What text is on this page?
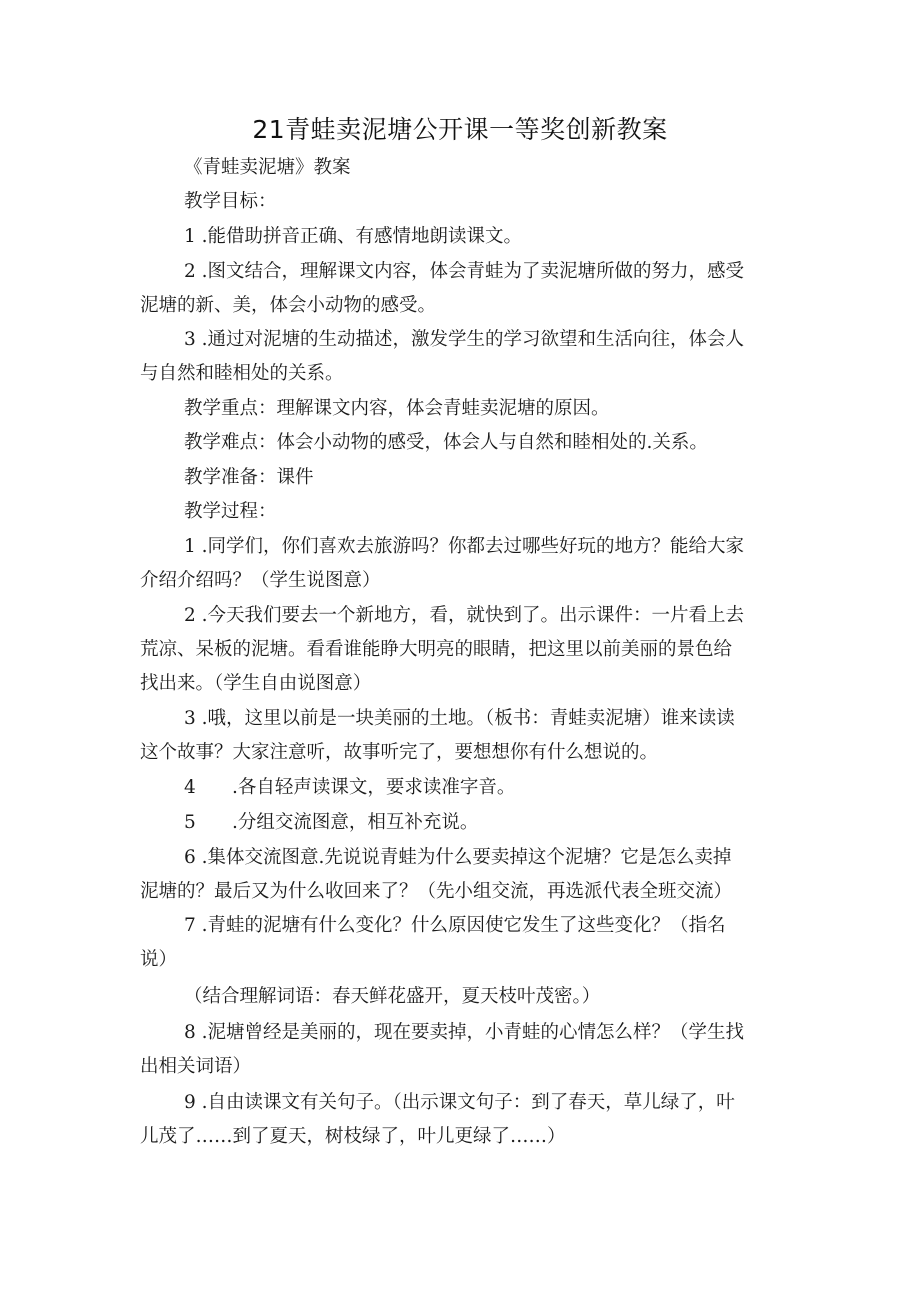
21青蛙卖泥塘公开课一等奖创新教案
《青蛙卖泥塘》教案
教学目标：
1 .能借助拼音正确、有感情地朗读课文。
2 .图文结合，理解课文内容，体会青蛙为了卖泥塘所做的努力，感受
泥塘的新、美，体会小动物的感受。
3 .通过对泥塘的生动描述，激发学生的学习欲望和生活向往，体会人
与自然和睦相处的关系。
教学重点：理解课文内容，体会青蛙卖泥塘的原因。
教学难点：体会小动物的感受，体会人与自然和睦相处的.关系。
教学准备：课件
教学过程：
1 .同学们，你们喜欢去旅游吗？你都去过哪些好玩的地方？能给大家
介绍介绍吗？（学生说图意）
2 .今天我们要去一个新地方，看，就快到了。出示课件：一片看上去
荒凉、呆板的泥塘。看看谁能睁大明亮的眼睛，把这里以前美丽的景色给
找出来。（学生自由说图意）
3 .哦，这里以前是一块美丽的土地。（板书：青蛙卖泥塘）谁来读读
这个故事？大家注意听，故事听完了，要想想你有什么想说的。
4 .各自轻声读课文，要求读准字音。
5 .分组交流图意，相互补充说。
6 .集体交流图意.先说说青蛙为什么要卖掉这个泥塘？它是怎么卖掉
泥塘的？最后又为什么收回来了？（先小组交流，再选派代表全班交流）
7 .青蛙的泥塘有什么变化？什么原因使它发生了这些变化？（指名
说）
（结合理解词语：春天鲜花盛开，夏天枝叶茂密。）
8 .泥塘曾经是美丽的，现在要卖掉，小青蛙的心情怎么样？（学生找
出相关词语）
9 .自由读课文有关句子。（出示课文句子：到了春天，草儿绿了，叶
儿茂了……到了夏天，树枝绿了，叶儿更绿了……）
